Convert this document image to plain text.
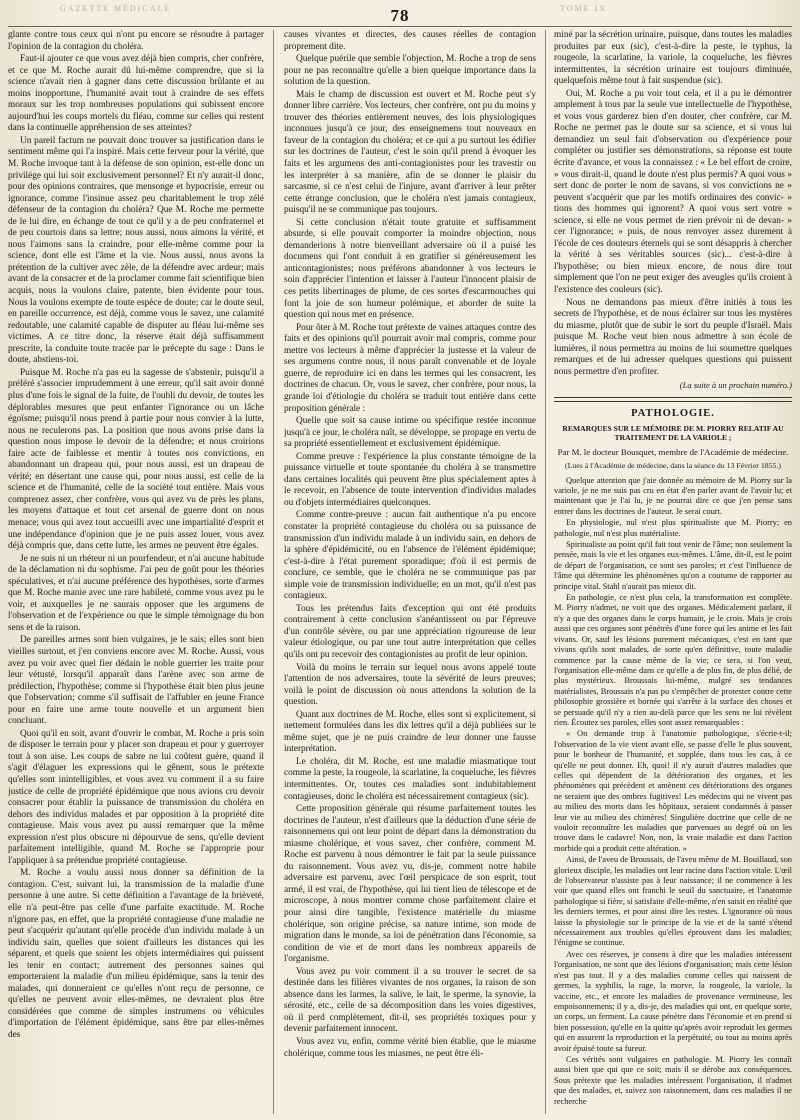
GAZETTE MÉDICALE	TOME IX
78

glante contre tous ceux qui n'ont pu encore se résoudre à partager l'opinion de la contagion du choléra.

Faut-il ajouter ce que vous avez déjà bien compris, cher confrère, et ce que M. Roche aurait dû lui-même comprendre, que si la science n'avait rien à gagner dans cette discussion brûlante et au moins inopportune, l'humanité avait tout à craindre de ses effets moraux sur les trop nombreuses populations qui subissent encore aujourd'hui les coups mortels du fléau, comme sur celles qui restent dans la continuelle appréhension de ses atteintes?

Un pareil factum ne pouvait donc trouver sa justification dans le sentiment même qui l'a inspiré. Mais cette ferveur pour la vérité, que M. Roche invoque tant à la défense de son opinion, est-elle donc un privilége qui lui soit exclusivement personnel? Et n'y aurait-il donc, pour des opinions contraires, que mensonge et hypocrisie, erreur ou ignorance, comme l'insinue assez peu charitablement le trop zélé défenseur de la contagion du choléra? Que M. Roche me permette de le lui dire, en échange de tout ce qu'il y a de peu confraternel et de peu courtois dans sa lettre; nous aussi, nous aimons la vérité, et nous l'aimons sans la craindre, pour elle-même comme pour la science, dont elle est l'âme et la vie. Nous aussi, nous avons la prétention de la cultiver avec zèle, de la défendre avec ardeur; mais avant de la consacrer et de la proclamer comme fait scientifique bien acquis, nous la voulons claire, patente, bien évidente pour tous. Nous la voulons exempte de toute espèce de doute; car le doute seul, en pareille occurrence, est déjà, comme vous le savez, une calamité redoutable, une calamité capable de disputer au fléau lui-même ses victimes. A ce titre donc, la réserve était déjà suffisamment prescrite, la conduite toute tracée par le précepte du sage : Dans le doute, abstiens-toi.

Puisque M. Roche n'a pas eu la sagesse de s'abstenir, puisqu'il a préféré s'associer imprudemment à une erreur, qu'il sait avoir donné plus d'une fois le signal de la fuite, de l'oubli du devoir, de toutes les déplorables mesures que peut enfanter l'ignorance ou un lâche égoïsme; puisqu'il nous prend à partie pour nous convier à la lutte, nous ne reculerons pas. La position que nous avons prise dans la question nous impose le devoir de la défendre; et nous croirions faire acte de faiblesse et mentir à toutes nos convictions, en abandonnant un drapeau qui, pour nous aussi, est un drapeau de vérité; en désertant une cause qui, pour nous aussi, est celle de la science et de l'humanité, celle de la société tout entière. Mais vous comprenez assez, cher confrère, vous qui avez vu de près les plans, les moyens d'attaque et tout cet arsenal de guerre dont on nous menace; vous qui avez tout accueilli avec une impartialité d'esprit et une indépendance d'opinion que je ne puis assez louer, vous avez déjà compris que, dans cette lutte, les armes ne peuvent être égales.

Je ne suis ni un rhéteur ni un pourfendeur, et n'ai aucune habitude de la déclamation ni du sophisme. J'ai peu de goût pour les théories spéculatives, et n'ai aucune préférence des hypothèses, sorte d'armes que M. Roche manie avec une rare habileté, comme vous avez pu le voir, et auxquelles je ne saurais opposer que les argumens de l'observation et de l'expérience ou que le simple témoignage du bon sens et de la raison.

De pareilles armes sont bien vulgaires, je le sais; elles sont bien vieilles surtout, et j'en conviens encore avec M. Roche. Aussi, vous avez pu voir avec quel fier dédain le noble guerrier les traite pour leur vétusté, lorsqu'il apparaît dans l'arène avec son arme de prédilection, l'hypothèse; comme si l'hypothèse était bien plus jeune que l'observation; comme s'il suffisait de l'affubler en jeune France pour en faire une arme toute nouvelle et un argument bien concluant.

Quoi qu'il en soit, avant d'ouvrir le combat, M. Roche a pris soin de disposer le terrain pour y placer son drapeau et pour y guerroyer tout à son aise. Les coups de sabre ne lui coûtent guère, quand il s'agit d'élaguer les expressions qui le gênent, sous le prétexte qu'elles sont inintelligibles, et vous avez vu comment il a su faire justice de celle de propriété épidémique que nous avions cru devoir consacrer pour établir la puissance de transmission du choléra en dehors des individus malades et par opposition à la propriété dite contagieuse. Mais vous avez pu aussi remarquer que la même expression n'est plus obscure ni dépourvue de sens, qu'elle devient parfaitement intelligible, quand M. Roche se l'approprie pour l'appliquer à sa prétendue propriété contagieuse.

M. Roche a voulu aussi nous donner sa définition de la contagion. C'est, suivant lui, la transmission de la maladie d'une personne à une autre. Si cette définition a l'avantage de la brièveté, elle n'a peut-être pas celle d'une parfaite exactitude. M. Roche n'ignore pas, en effet, que la propriété contagieuse d'une maladie ne peut s'acquérir qu'autant qu'elle procède d'un individu malade à un individu sain, quelles que soient d'ailleurs les distances qui les séparent, et quels que soient les objets intermédiaires qui puissent les tenir en contact; autrement des personnes saines qui emporteraient la maladie d'un milieu épidémique, sans la tenir des malades, qui donneraient ce qu'elles n'ont reçu de personne, ce qu'elles ne peuvent avoir elles-mêmes, ne devraient plus être considérées que comme de simples instrumens ou véhicules d'importation de l'élément épidémique, sans être par elles-mêmes des

causes vivantes et directes, des causes réelles de contagion proprement dite.

Quelque puérile que semble l'objection, M. Roche a trop de sens pour ne pas reconnaître qu'elle a bien quelque importance dans la solution de la question.

Mais le champ de discussion est ouvert et M. Roche peut s'y donner libre carrière. Vos lecteurs, cher confrère, ont pu du moins y trouver des théories entièrement neuves, des lois physiologiques inconnues jusqu'à ce jour, des enseignemens tout nouveaux en faveur de la contagion du choléra; et ce qui a pu surtout les édifier sur les doctrines de l'auteur, c'est le soin qu'il prend à évoquer les faits et les argumens des anti-contagionistes pour les travestir ou les interpréter à sa manière, afin de se donner le plaisir du sarcasme, si ce n'est celui de l'injure, avant d'arriver à leur prêter cette étrange conclusion, que le choléra n'est jamais contagieux, puisqu'il ne se communique pas toujours.

Si cette conclusion n'était toute gratuite et suffisamment absurde, si elle pouvait comporter la moindre objection, nous demanderions à notre bienveillant adversaire où il a puisé les documens qui l'ont conduit à en gratifier si généreusement les anticontagionistes; nous préférons abandonner à vos lecteurs le soin d'apprécier l'intention et laisser à l'auteur l'innocent plaisir de ces petits libertinages de plume, de ces sortes d'escarmouches qui font la joie de son humeur polémique, et aborder de suite la question qui nous met en présence.

Pour ôter à M. Roche tout prétexte de vaines attaques contre des faits et des opinions qu'il pourrait avoir mal compris, comme pour mettre vos lecteurs à même d'apprécier la justesse et la valeur de ses argumens contre nous, il nous paraît convenable et de loyale guerre, de reproduire ici en dans les termes qui les consacrent, les doctrines de chacun. Or, vous le savez, cher confrère, pour nous, la grande loi d'étiologie du choléra se traduit tout entière dans cette proposition générale :

Quelle que soit sa cause intime ou spécifique restée inconnue jusqu'à ce jour, le choléra naît, se développe, se propage en vertu de sa propriété essentiellement et exclusivement épidémique.

Comme preuve : l'expérience la plus constante témoigne de la puissance virtuelle et toute spontanée du choléra à se transmettre dans certaines localités qui peuvent être plus spécialement aptes à le recevoir, en l'absence de toute intervention d'individus malades ou d'objets intermédiaires quelconques.

Comme contre-preuve : aucun fait authentique n'a pu encore constater la propriété contagieuse du choléra ou sa puissance de transmission d'un individu malade à un individu sain, en dehors de la sphère d'épidémicité, ou en l'absence de l'élément épidémique; c'est-à-dire à l'état purement sporadique; d'où il est permis de conclure, ce semble, que le choléra ne se communique pas par simple voie de transmission individuelle; en un mot, qu'il n'est pas contagieux.

Tous les prétendus faits d'exception qui ont été produits contrairement à cette conclusion s'anéantissent ou par l'épreuve d'un contrôle sévère, ou par une appréciation rigoureuse de leur valeur étiologique, ou par une tout autre interprétation que celles qu'ils ont pu recevoir des contagionistes au profit de leur opinion.

Voilà du moins le terrain sur lequel nous avons appelé toute l'attention de nos adversaires, toute la sévérité de leurs preuves; voilà le point de discussion où nous attendons la solution de la question.

Quant aux doctrines de M. Roche, elles sont si explicitement, si nettement formulées dans les dix lettres qu'il a déjà publiées sur le même sujet, que je ne puis craindre de leur donner une fausse interprétation.

Le choléra, dit M. Roche, est une maladie miasmatique tout comme la peste, la rougeole, la scarlatine, la coqueluche, les fièvres intermittentes. Or, toutes ces maladies sont indubitablement contagieuses, donc le choléra est nécessairement contagieux (sic).

Cette proposition générale qui résume parfaitement toutes les doctrines de l'auteur, n'est d'ailleurs que la déduction d'une série de raisonnemens qui ont leur point de départ dans la démonstration du miasme cholérique, et vous savez, cher confrère, comment M. Roche est parvenu à nous démontrer le fait par la seule puissance du raisonnement. Vous avez vu, dis-je, comment notre habile adversaire est parvenu, avec l'œil perspicace de son esprit, tout armé, il est vrai, de l'hypothèse, qui lui tient lieu de télescope et de microscope, à nous montrer comme chose parfaitement claire et pour ainsi dire tangible, l'existence matérielle du miasme cholérique, son origine précise, sa nature intime, son mode de migration dans le monde, sa loi de pénétration dans l'économie, sa condition de vie et de mort dans les nombreux appareils de l'organisme.

Vous avez pu voir comment il a su trouver le secret de sa destinée dans les filières vivantes de nos organes, la raison de son absence dans les larmes, la salive, le lait, le sperme, la synovie, la sérosité, etc., celle de sa décomposition dans les voies digestives, où il perd complètement, dit-il, ses propriétés toxiques pour y devenir parfaitement innocent.

Vous avez vu, enfin, comme vérité bien établie, que le miasme cholérique, comme tous les miasmes, ne peut être éli-

miné par la sécrétion urinaire, puisque, dans toutes les maladies produites par eux (sic), c'est-à-dire la peste, le typhus, la rougeole, la scarlatine, la variole, la coqueluche, les fièvres intermittentes, la sécrétion urinaire est toujours diminuée, quelquefois même tout à fait suspendue (sic).

Oui, M. Roche a pu voir tout cela, et il a pu le démontrer amplement à tous par la seule vue intellectuelle de l'hypothèse, et vous vous garderez bien d'en douter, cher confrère, car M. Roche ne permet pas le doute sur sa science, et si vous lui demandiez un seul fait d'observation ou d'expérience pour compléter ou justifier ses démonstrations, sa réponse est toute écrite d'avance, et vous la connaissez : « Le bel effort de croire, » vous dirait-il, quand le doute n'est plus permis? A quoi vous » sert donc de porter le nom de savans, si vos convictions ne » peuvent s'acquérir que par les motifs ordinaires des convic- » tions des hommes qui ignorent? A quoi vous sert votre » science, si elle ne vous permet de rien prévoir ni de devan- » cer l'ignorance; » puis, de nous renvoyer assez durement à l'école de ces douteurs éternels qui se sont désappris à chercher la vérité à ses véritables sources (sic)... c'est-à-dire à l'hypothèse; ou bien mieux encore, de nous dire tout simplement que l'on ne peut exiger des aveugles qu'ils croient à l'existence des couleurs (sic).

Nous ne demandons pas mieux d'être initiés à tous les secrets de l'hypothèse, et de nous éclairer sur tous les mystères du miasme, plutôt que de subir le sort du peuple d'Israël. Mais puisque M. Roche veut bien nous admettre à son école de lumières, il nous permettra au moins de lui soumettre quelques remarques et de lui adresser quelques questions qui puissent nous permettre d'en profiter.

(La suite à un prochain numéro.)
PATHOLOGIE.
REMARQUES SUR LE MÉMOIRE DE M. PIORRY RELATIF AU TRAITEMENT DE LA VARIOLE ;
Par M. le docteur Bousquet, membre de l'Académie de médecine.
(Lues à l'Académie de médecine, dans la séance du 13 Février 1855.)

Quelque attention que j'aie donnée au mémoire de M. Piorry sur la variole, je ne me suis pas cru en état d'en parler avant de l'avoir lu; et maintenant que je l'ai lu, je ne pourrai dire ce que j'en pense sans entrer dans les doctrines de l'auteur. Je serai court.

En physiologie, nul n'est plus spiritualiste que M. Piorry; en pathologie, nul n'est plus matérialiste.

Spiritualiste au point qu'il fait tout venir de l'âme; non seulement la pensée, mais la vie et les organes eux-mêmes. L'âme, dit-il, est le point de départ de l'organisation, ce sont ses paroles; et c'est l'influence de l'âme qui détermine les phénomènes qu'on a coutume de rapporter au principe vital. Stahl n'aurait pas mieux dit.

En pathologie, ce n'est plus cela, la transformation est complète. M. Piorry n'admet, ne voit que des organes. Médicalement parlant, il n'y a que des organes dans le corps humain, je le crois. Mais je crois aussi que ces organes sont pénétrés d'une force qui les anime et les fait vivans. Or, sauf les lésions purement mécaniques, c'est en tant que vivans qu'ils sont malades, de sorte qu'en définitive, toute maladie commence par la cause même de la vie; ce sera, si l'on veut, l'organisation elle-même dans ce qu'elle a de plus fin, de plus délié, de plus mystérieux. Broussais lui-même, malgré ses tendances matérialistes, Broussais n'a pas pu s'empêcher de protester contre cette philosophie grossière et bornée qui s'arrête à la surface des choses et se persuade qu'il n'y a rien au-delà parce que les sens ne lui révèlent rien. Écoutez ses paroles, elles sont assez remarquables :

« On demande trop à l'anatomie pathologique, s'écrie-t-il; l'observation de la vie vient avant elle, se passe d'elle le plus souvent, pour le bonheur de l'humanité, et supplée, dans tous les cas, à ce qu'elle ne peut donner. Eh, quoi! il n'y aurait d'autres maladies que celles qui dépendent de la détérioration des organes, et les phénomènes qui précèdent et amènent ces détériorations des organes ne seraient que des ombres fugitives! Les médecins qui ne vivent pas au milieu des morts dans les hôpitaux, seraient condamnés à passer leur vie au milieu des chimères! Singulière doctrine que celle de ne vouloir reconnaître les maladies que parvenues au degré où on les trouve dans le cadavre! Non, non, la vraie maladie est dans l'action morbide qui a produit cette altération. »

Ainsi, de l'aveu de Broussais, de l'aveu même de M. Bouillaud, son glorieux disciple, les maladies ont leur racine dans l'action vitale. L'œil de l'observateur n'assiste pas à leur naissance; il ne commence à les voir que quand elles ont franchi le seuil du sanctuaire, et l'anatomie pathologique si fière, si satisfaite d'elle-même, n'en saisit en réalité que les derniers termes, et pour ainsi dire les restes. L'ignorance où nous laisse la physiologie sur le principe de la vie et de la santé s'étend nécessairement aux troubles qu'elles éprouvent dans les maladies; l'énigme se continue.

Avec ces réserves, je consens à dire que les maladies intéressent l'organisation, ne sont que des lésions d'organisation; mais cette lésion n'est pas tout. Il y a des maladies comme celles qui naissent de germes, la syphilis, la rage, la morve, la rougeole, la variole, la vaccine, etc., et encore les maladies de provenance vermineuse, les empoisonnemens; il y a, dis-je, des maladies qui ont, en quelque sorte, un corps, un ferment. La cause pénètre dans l'économie et en prend si bien possession, qu'elle en la quitte qu'après avoir reproduit les germes qui en assurent la reproduction et la perpétuité, ou tout au moins après avoir épuisé toute sa fureur.

Ces vérités sont vulgaires en pathologie. M. Piorry les connaît aussi bien que qui que ce soit; mais il se dérobe aux conséquences. Sous prétexte que les maladies intéressent l'organisation, il n'admet que des malades, et, suivez son raisonnement, dans ces maladies il ne recherche
